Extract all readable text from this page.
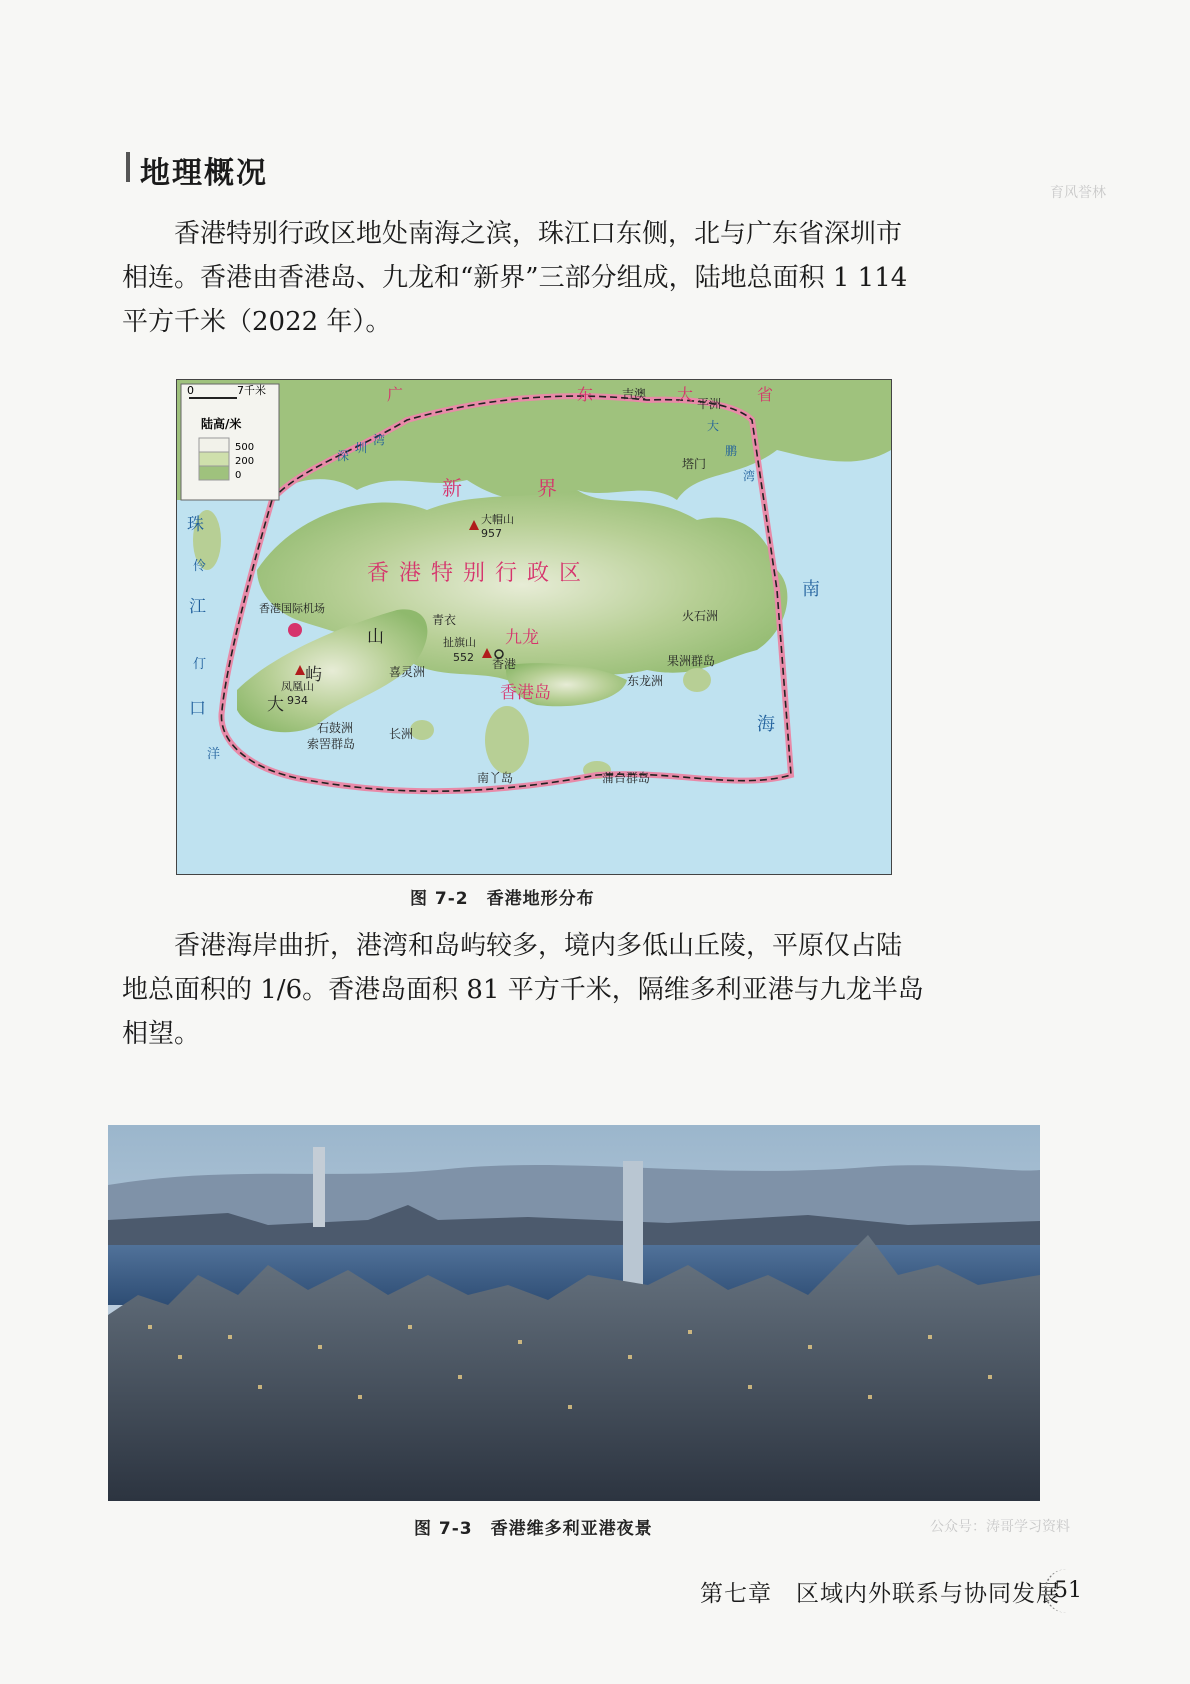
地理概况
育风誉林
香港特别行政区地处南海之滨，珠江口东侧，北与广东省深圳市
相连。香港由香港岛、九龙和“新界”三部分组成，陆地总面积 1 114
平方千米（2022 年）。
0	7千米
陆高/米
500
200
0
广	东	大	省
新	界
香港特别行政区
九龙
香港岛
深
圳
湾
珠
伶
江
仃
口
洋
大
鹏
湾
南
海
大
屿
山
吉澳
平洲
塔门
青衣
香港国际机场
火石洲
果洲群岛
东龙洲
喜灵洲
长洲
石鼓洲
索罟群岛
南丫岛	蒲台群岛
香港
大帽山
957
扯旗山
552
凤凰山
934
图 7-2　香港地形分布
香港海岸曲折，港湾和岛屿较多，境内多低山丘陵，平原仅占陆
地总面积的 1/6。香港岛面积 81 平方千米，隔维多利亚港与九龙半岛
相望。
图 7-3　香港维多利亚港夜景	公众号：涛哥学习资料
第七章　区域内外联系与协同发展
51
